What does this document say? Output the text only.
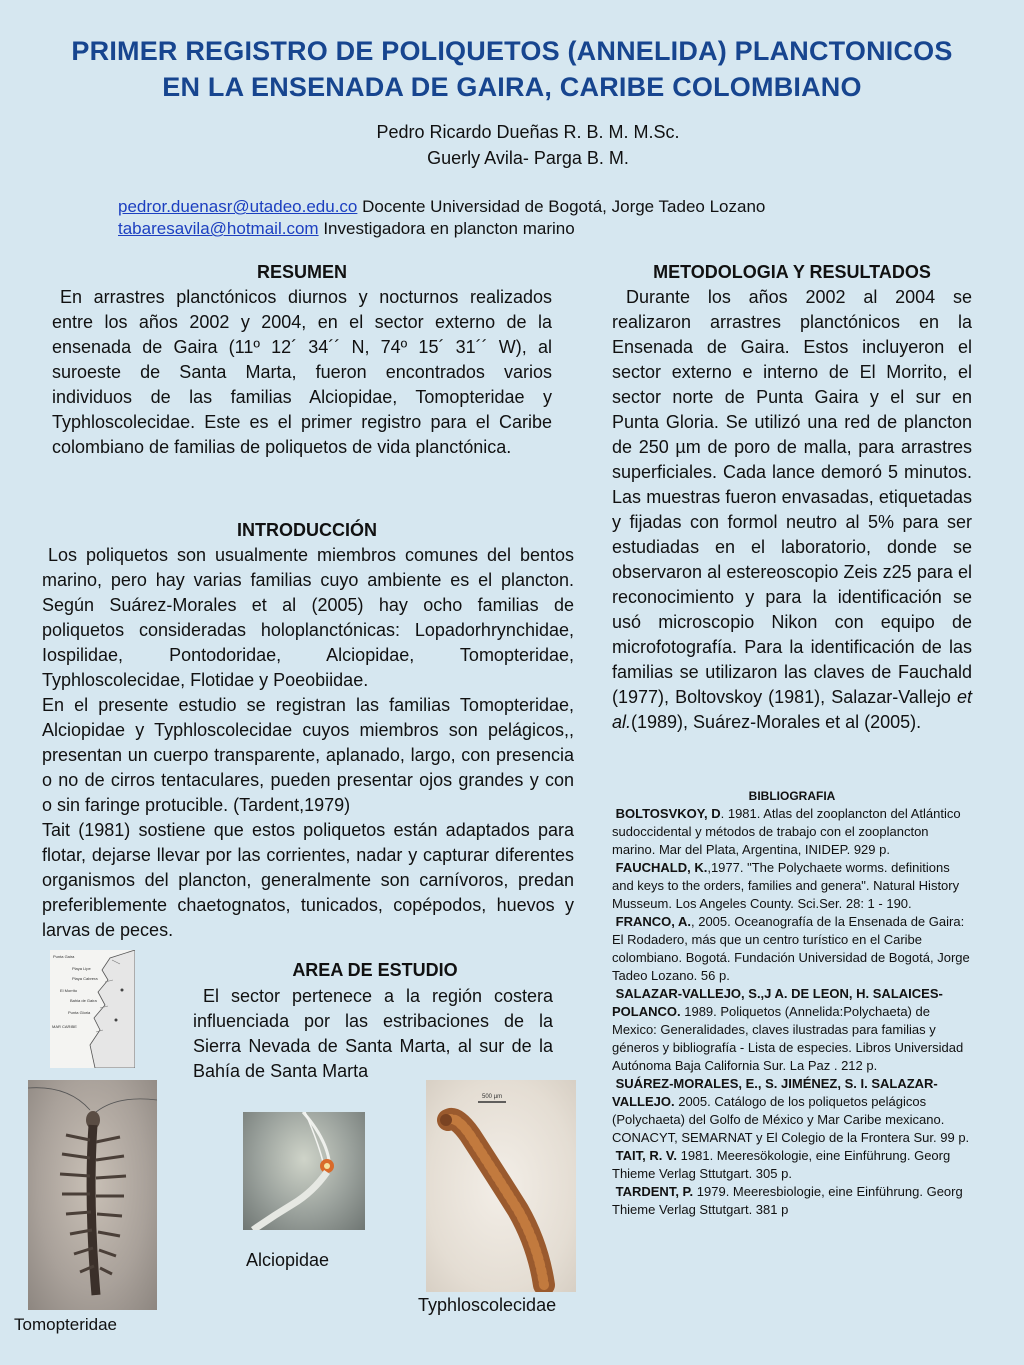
PRIMER REGISTRO DE POLIQUETOS (ANNELIDA) PLANCTONICOS
EN LA ENSENADA DE GAIRA, CARIBE COLOMBIANO
Pedro Ricardo Dueñas R. B. M. M.Sc.
Guerly Avila- Parga B. M.
pedror.duenasr@utadeo.edu.co Docente Universidad de Bogotá, Jorge Tadeo Lozano
tabaresavila@hotmail.com Investigadora en plancton marino
RESUMEN
En arrastres planctónicos diurnos y nocturnos realizados entre los años 2002 y 2004, en el sector externo de la ensenada de Gaira (11º 12´ 34´´ N, 74º 15´ 31´´ W), al suroeste de Santa Marta, fueron encontrados varios individuos de las familias Alciopidae, Tomopteridae y Typhloscolecidae. Este es el primer registro para el Caribe colombiano de familias de poliquetos de vida planctónica.
INTRODUCCIÓN
Los poliquetos son usualmente miembros comunes del bentos marino, pero hay varias familias cuyo ambiente es el plancton. Según Suárez-Morales et al (2005) hay ocho familias de poliquetos consideradas holoplanctónicas: Lopadorhrynchidae, Iospilidae, Pontodoridae, Alciopidae, Tomopteridae, Typhloscolecidae, Flotidae y Poeobiidae.
En el presente estudio se registran las familias Tomopteridae, Alciopidae y Typhloscolecidae cuyos miembros son pelágicos,, presentan un cuerpo transparente, aplanado, largo, con presencia o no de cirros tentaculares, pueden presentar ojos grandes y con o sin faringe protucible. (Tardent,1979)
Tait (1981) sostiene que estos poliquetos están adaptados para flotar, dejarse llevar por las corrientes, nadar y capturar diferentes organismos del plancton, generalmente son carnívoros, predan preferiblemente chaetognatos, tunicados, copépodos, huevos y larvas de peces.
AREA DE ESTUDIO
El sector pertenece a la región costera influenciada por las estribaciones de la Sierra Nevada de Santa Marta, al sur de la Bahía de Santa Marta
METODOLOGIA Y RESULTADOS
Durante los años 2002 al 2004 se realizaron arrastres planctónicos en la Ensenada de Gaira. Estos incluyeron el sector externo e interno de El Morrito, el sector norte de Punta Gaira y el sur en Punta Gloria. Se utilizó una red de plancton de 250 µm de poro de malla, para arrastres superficiales. Cada lance demoró 5 minutos. Las muestras fueron envasadas, etiquetadas y fijadas con formol neutro al 5% para ser estudiadas en el laboratorio, donde se observaron al estereoscopio Zeis z25 para el reconocimiento y para la identificación se usó microscopio Nikon con equipo de microfotografía. Para la identificación de las familias se utilizaron las claves de Fauchald (1977), Boltovskoy (1981), Salazar-Vallejo et al.(1989), Suárez-Morales et al (2005).
BIBLIOGRAFIA

BOLTOSVKOY, D. 1981. Atlas del zooplancton del Atlántico sudoccidental y métodos de trabajo con el zooplancton marino. Mar del Plata, Argentina, INIDEP. 929 p.

FAUCHALD, K.,1977. "The Polychaete worms. definitions and keys to the orders, families and genera". Natural History Musseum. Los Angeles County. Sci.Ser. 28: 1 - 190.

FRANCO, A., 2005. Oceanografía de la Ensenada de Gaira: El Rodadero, más que un centro turístico en el Caribe colombiano. Bogotá. Fundación Universidad de Bogotá, Jorge Tadeo Lozano. 56 p.

SALAZAR-VALLEJO, S.,J A. DE LEON, H. SALAICES-POLANCO. 1989. Poliquetos (Annelida:Polychaeta) de Mexico: Generalidades, claves ilustradas para familias y géneros y bibliografía - Lista de especies. Libros Universidad Autónoma Baja California Sur. La Paz . 212 p.

SUÁREZ-MORALES, E., S. JIMÉNEZ, S. I. SALAZAR-VALLEJO. 2005. Catálogo de los poliquetos pelágicos (Polychaeta) del Golfo de México y Mar Caribe mexicano. CONACYT, SEMARNAT y El Colegio de la Frontera Sur. 99 p.

TAIT, R. V. 1981. Meeresökologie, eine Einführung. Georg Thieme Verlag Sttutgart. 305 p.

TARDENT, P. 1979. Meeresbiologie, eine Einführung. Georg Thieme Verlag Sttutgart. 381 p

Punta Gaira
Playa Lipe
Playa Cabrera
El Morrito
Bahia de Gaira
Punta Gloria
MAR CARIBE
Tomopteridae
Alciopidae
500 µm
Typhloscolecidae
